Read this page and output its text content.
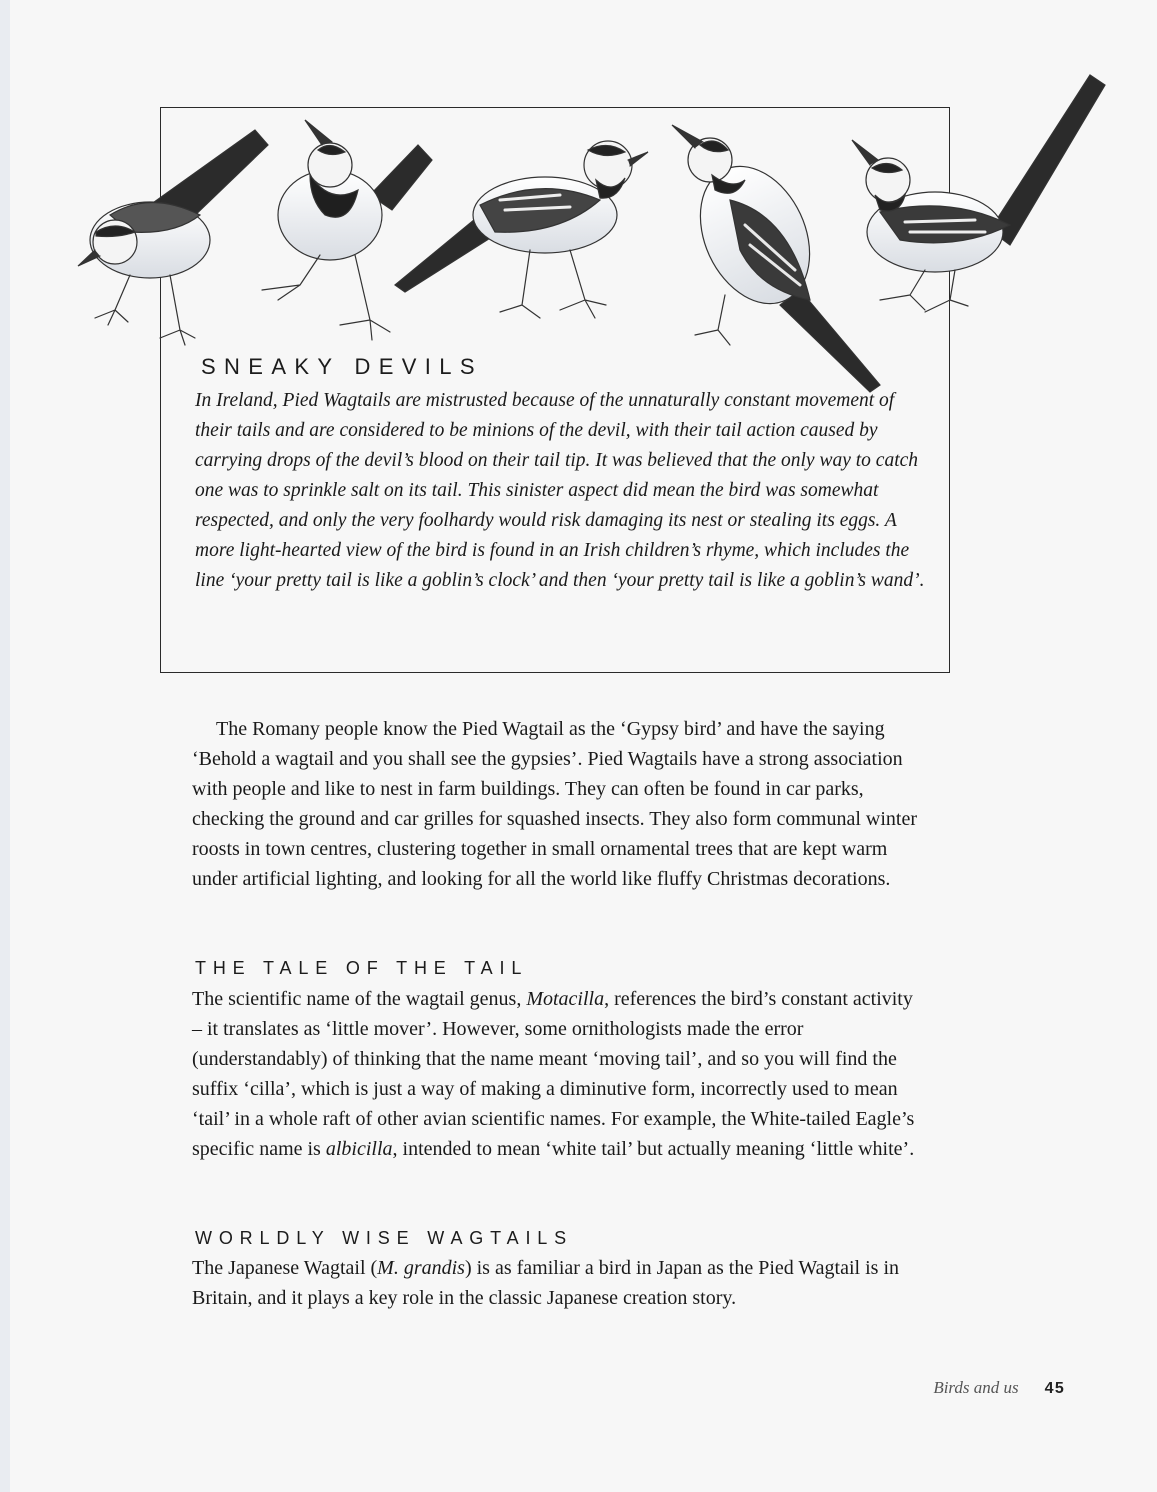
SNEAKY DEVILS

In Ireland, Pied Wagtails are mistrusted because of the unnaturally constant movement of their tails and are considered to be minions of the devil, with their tail action caused by carrying drops of the devil’s blood on their tail tip. It was believed that the only way to catch one was to sprinkle salt on its tail. This sinister aspect did mean the bird was somewhat respected, and only the very foolhardy would risk damaging its nest or stealing its eggs. A more light-hearted view of the bird is found in an Irish children’s rhyme, which includes the line ‘your pretty tail is like a goblin’s clock’ and then ‘your pretty tail is like a goblin’s wand’.

The Romany people know the Pied Wagtail as the ‘Gypsy bird’ and have the saying ‘Behold a wagtail and you shall see the gypsies’. Pied Wagtails have a strong association with people and like to nest in farm buildings. They can often be found in car parks, checking the ground and car grilles for squashed insects. They also form communal winter roosts in town centres, clustering together in small ornamental trees that are kept warm under artificial lighting, and looking for all the world like fluffy Christmas decorations.

THE TALE OF THE TAIL

The scientific name of the wagtail genus, Motacilla, references the bird’s constant activity – it translates as ‘little mover’. However, some ornithologists made the error (understandably) of thinking that the name meant ‘moving tail’, and so you will find the suffix ‘cilla’, which is just a way of making a diminutive form, incorrectly used to mean ‘tail’ in a whole raft of other avian scientific names. For example, the White-tailed Eagle’s specific name is albicilla, intended to mean ‘white tail’ but actually meaning ‘little white’.

WORLDLY WISE WAGTAILS

The Japanese Wagtail (M. grandis) is as familiar a bird in Japan as the Pied Wagtail is in Britain, and it plays a key role in the classic Japanese creation story.

Birds and us 45
